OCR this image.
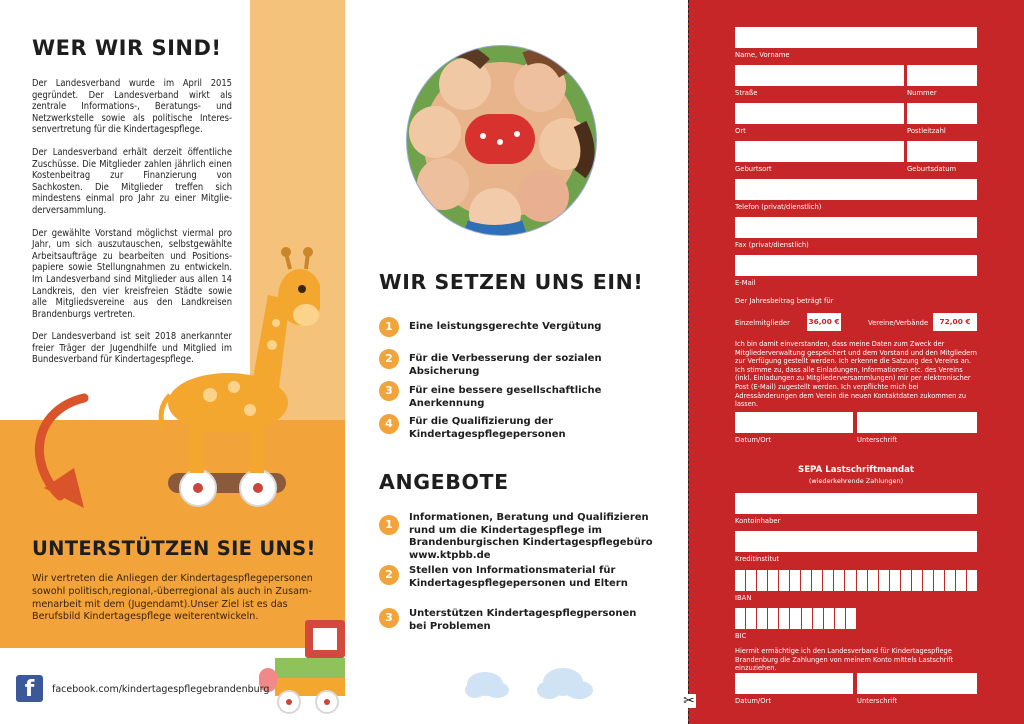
WER WIR SIND!

Der Landesverband wurde im April 2015 gegründet. Der Landesverband wirkt als zentrale Informations-, Beratungs- und Netzwerkstelle sowie als politische Interessenvertretung für die Kindertagespflege.

Der Landesverband erhält derzeit öffentliche Zuschüsse. Die Mitglieder zahlen jährlich einen Kostenbeitrag zur Finanzierung von Sachkosten. Die Mitglieder treffen sich mindestens einmal pro Jahr zu einer Mitgliederversammlung.

Der gewählte Vorstand möglichst viermal pro Jahr, um sich auszutauschen, selbstgewählte Arbeitsaufträge zu bearbeiten und Positionspapiere sowie Stellungnahmen zu entwickeln. Im Landesverband sind Mitglieder aus allen 14 Landkreis, den vier kreisfreien Städte sowie alle Mitgliedsvereine aus den Landkreisen Brandenburgs vertreten.

Der Landesverband ist seit 2018 anerkannter freier Träger der Jugendhilfe und Mitglied im Bundesverband für Kindertagespflege.

UNTERSTÜTZEN SIE UNS!

Wir vertreten die Anliegen der Kindertagespflegepersonen sowohl politisch,regional,-überregional als auch in Zusammenarbeit mit dem (Jugendamt).Unser Ziel ist es das Berufsbild Kindertagespflege weiterentwickeln.

f	facebook.com/kindertagespflegebrandenburg
WIR SETZEN UNS EIN!
1	Eine leistungsgerechte Vergütung
2	Für die Verbesserung der sozialen Absicherung
3	Für eine bessere gesellschaftliche Anerkennung
4	Für die Qualifizierung der Kindertagespflegepersonen
ANGEBOTE
1
Informationen, Beratung und Qualifizieren rund um die Kindertagespflege im Brandenburgischen Kindertagespflegebüro www.ktpbb.de
2	Stellen von Informationsmaterial für Kindertagespflegepersonen und Eltern
3	Unterstützen Kindertagespflegpersonen bei Problemen
Name, Vorname
Straße	Nummer
Ort	Postleitzahl
Geburtsort	Geburtsdatum
Telefon (privat/dienstlich)
Fax (privat/dienstlich)
E-Mail
Der Jahresbeitrag beträgt für
Einzelmitglieder	36,00 €	Vereine/Verbände	72,00 €

Ich bin damit einverstanden, dass meine Daten zum Zweck der Mitgliederverwaltung gespeichert und dem Vorstand und den Mitgliedern zur Verfügung gestellt werden. Ich erkenne die Satzung des Vereins an. Ich stimme zu, dass alle Einladungen, Informationen etc. des Vereins (inkl. Einladungen zu Mitgliederversammlungen) mir per elektronischer Post (E-Mail) zugestellt werden. Ich verpflichte mich bei Adressänderungen dem Verein die neuen Kontaktdaten zukommen zu lassen.

Datum/Ort	Unterschrift
SEPA Lastschriftmandat
(wiederkehrende Zahlungen)
Kontoinhaber
Kreditinstitut
IBAN
BIC

Hiermit ermächtige ich den Landesverband für Kindertagespflege Brandenburg die Zahlungen von meinem Konto mittels Lastschrift einzuziehen.

Datum/Ort	Unterschrift
✂
